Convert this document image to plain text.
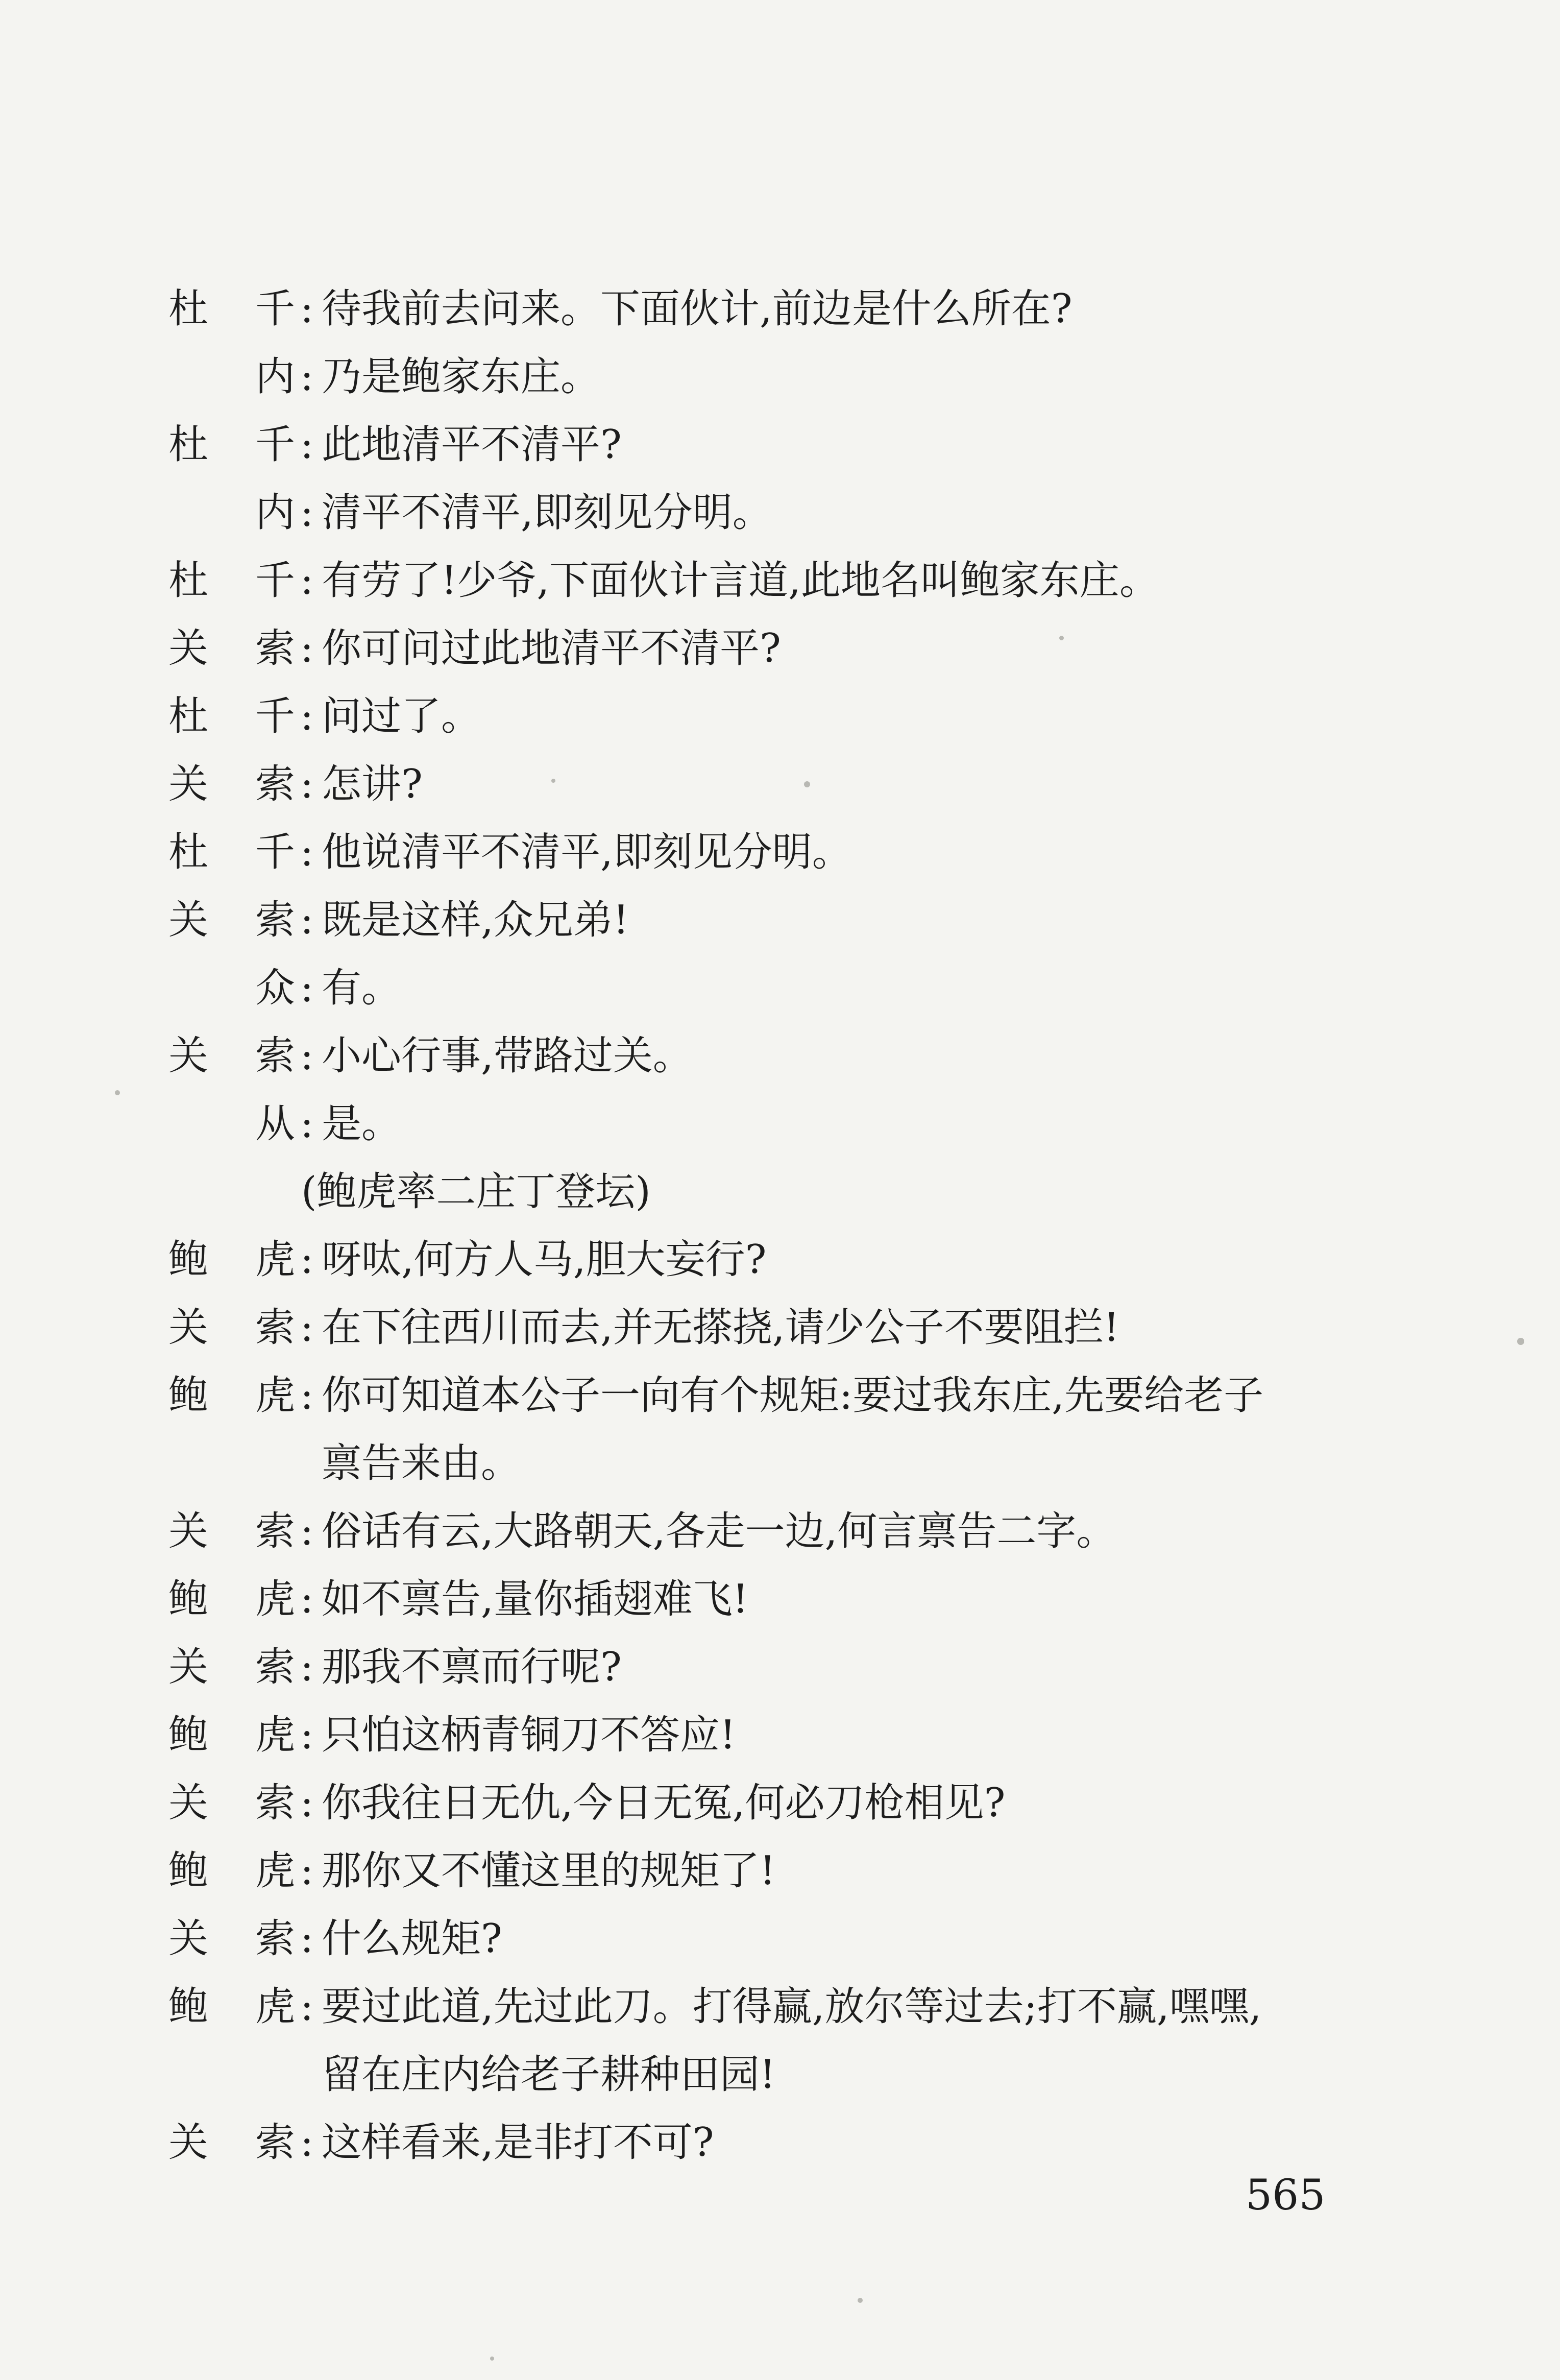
杜 千 : 待我前去问来。下面伙计,前边是什么所在?
内 : 乃是鲍家东庄。
杜 千 : 此地清平不清平?
内 : 清平不清平,即刻见分明。
杜 千 : 有劳了!少爷,下面伙计言道,此地名叫鲍家东庄。
关 索 : 你可问过此地清平不清平?
杜 千 : 问过了。
关 索 : 怎讲?
杜 千 : 他说清平不清平,即刻见分明。
关 索 : 既是这样,众兄弟!
众 : 有。
关 索 : 小心行事,带路过关。
从 : 是。
(鲍虎率二庄丁登坛)
鲍 虎 : 呀呔,何方人马,胆大妄行?
关 索 : 在下往西川而去,并无搽挠,请少公子不要阻拦!
鲍 虎 : 你可知道本公子一向有个规矩:要过我东庄,先要给老子
禀告来由。
关 索 : 俗话有云,大路朝天,各走一边,何言禀告二字。
鲍 虎 : 如不禀告,量你插翅难飞!
关 索 : 那我不禀而行呢?
鲍 虎 : 只怕这柄青铜刀不答应!
关 索 : 你我往日无仇,今日无冤,何必刀枪相见?
鲍 虎 : 那你又不懂这里的规矩了!
关 索 : 什么规矩?
鲍 虎 : 要过此道,先过此刀。打得赢,放尔等过去;打不赢,嘿嘿,
留在庄内给老子耕种田园!
关 索 : 这样看来,是非打不可?
565
